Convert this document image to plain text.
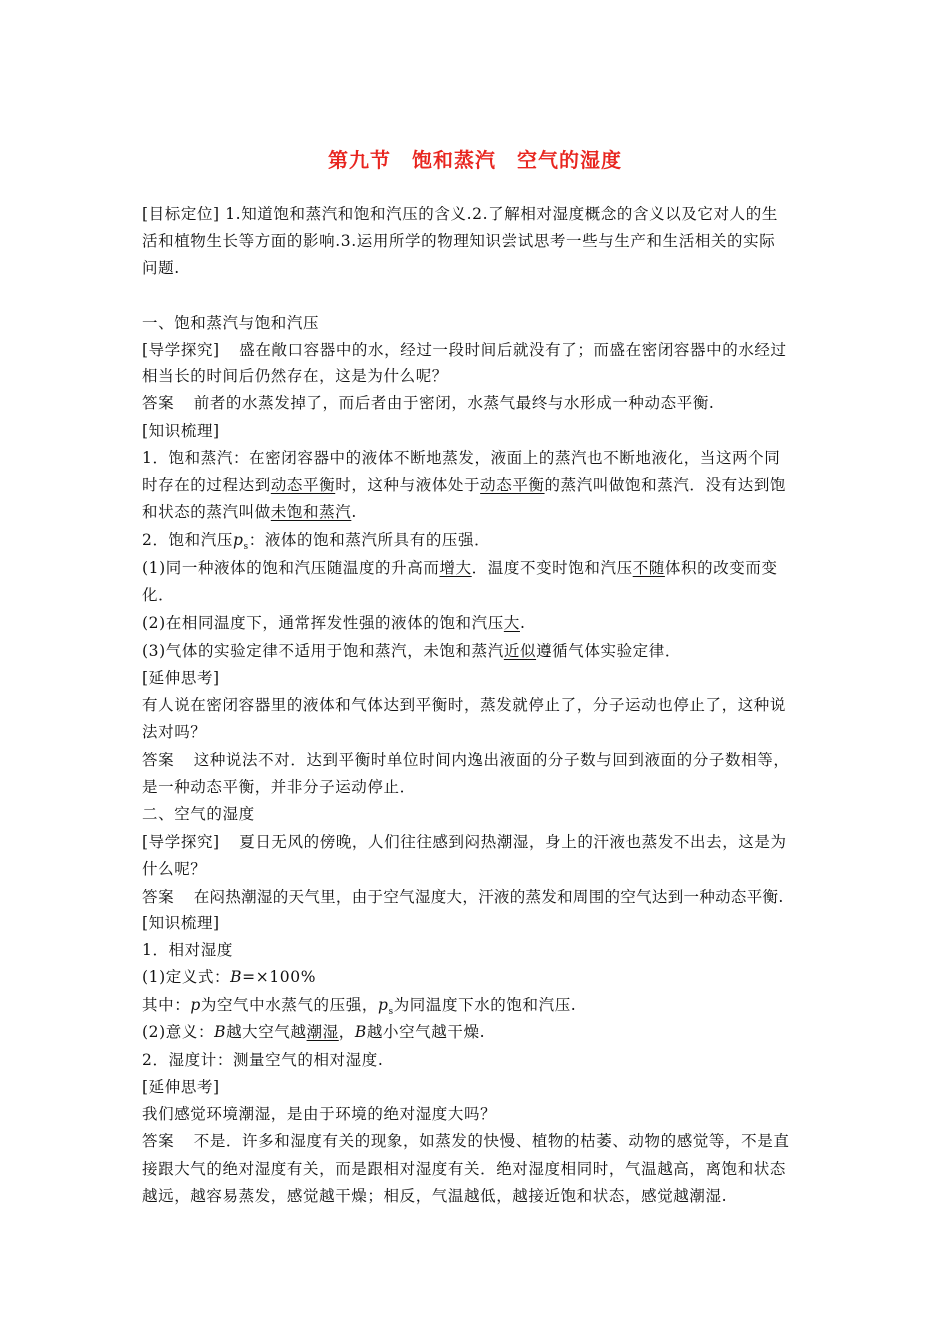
第九节　饱和蒸汽　空气的湿度
[目标定位] 1.知道饱和蒸汽和饱和汽压的含义.2.了解相对湿度概念的含义以及它对人的生
活和植物生长等方面的影响.3.运用所学的物理知识尝试思考一些与生产和生活相关的实际
问题.
一、饱和蒸汽与饱和汽压
[导学探究] 盛在敞口容器中的水，经过一段时间后就没有了；而盛在密闭容器中的水经过
相当长的时间后仍然存在，这是为什么呢？
答案 前者的水蒸发掉了，而后者由于密闭，水蒸气最终与水形成一种动态平衡.
[知识梳理]
1．饱和蒸汽：在密闭容器中的液体不断地蒸发，液面上的蒸汽也不断地液化，当这两个同
时存在的过程达到动态平衡时，这种与液体处于动态平衡的蒸汽叫做饱和蒸汽．没有达到饱
和状态的蒸汽叫做未饱和蒸汽.
2．饱和汽压$p_s$：液体的饱和蒸汽所具有的压强．
(1)同一种液体的饱和汽压随温度的升高而增大．温度不变时饱和汽压不随体积的改变而变
化．
(2)在相同温度下，通常挥发性强的液体的饱和汽压大.
(3)气体的实验定律不适用于饱和蒸汽，未饱和蒸汽近似遵循气体实验定律．
[延伸思考]
有人说在密闭容器里的液体和气体达到平衡时，蒸发就停止了，分子运动也停止了，这种说
法对吗？
答案 这种说法不对．达到平衡时单位时间内逸出液面的分子数与回到液面的分子数相等，
是一种动态平衡，并非分子运动停止．
二、空气的湿度
[导学探究] 夏日无风的傍晚，人们往往感到闷热潮湿，身上的汗液也蒸发不出去，这是为
什么呢？
答案 在闷热潮湿的天气里，由于空气湿度大，汗液的蒸发和周围的空气达到一种动态平衡.
[知识梳理]
1．相对湿度
(1)定义式：B=×100%
其中：p为空气中水蒸气的压强，$p_s$为同温度下水的饱和汽压.
(2)意义：B越大空气越潮湿，B越小空气越干燥.
2．湿度计：测量空气的相对湿度.
[延伸思考]
我们感觉环境潮湿，是由于环境的绝对湿度大吗？
答案 不是．许多和湿度有关的现象，如蒸发的快慢、植物的枯萎、动物的感觉等，不是直
接跟大气的绝对湿度有关，而是跟相对湿度有关．绝对湿度相同时，气温越高，离饱和状态
越远，越容易蒸发，感觉越干燥；相反，气温越低，越接近饱和状态，感觉越潮湿.
